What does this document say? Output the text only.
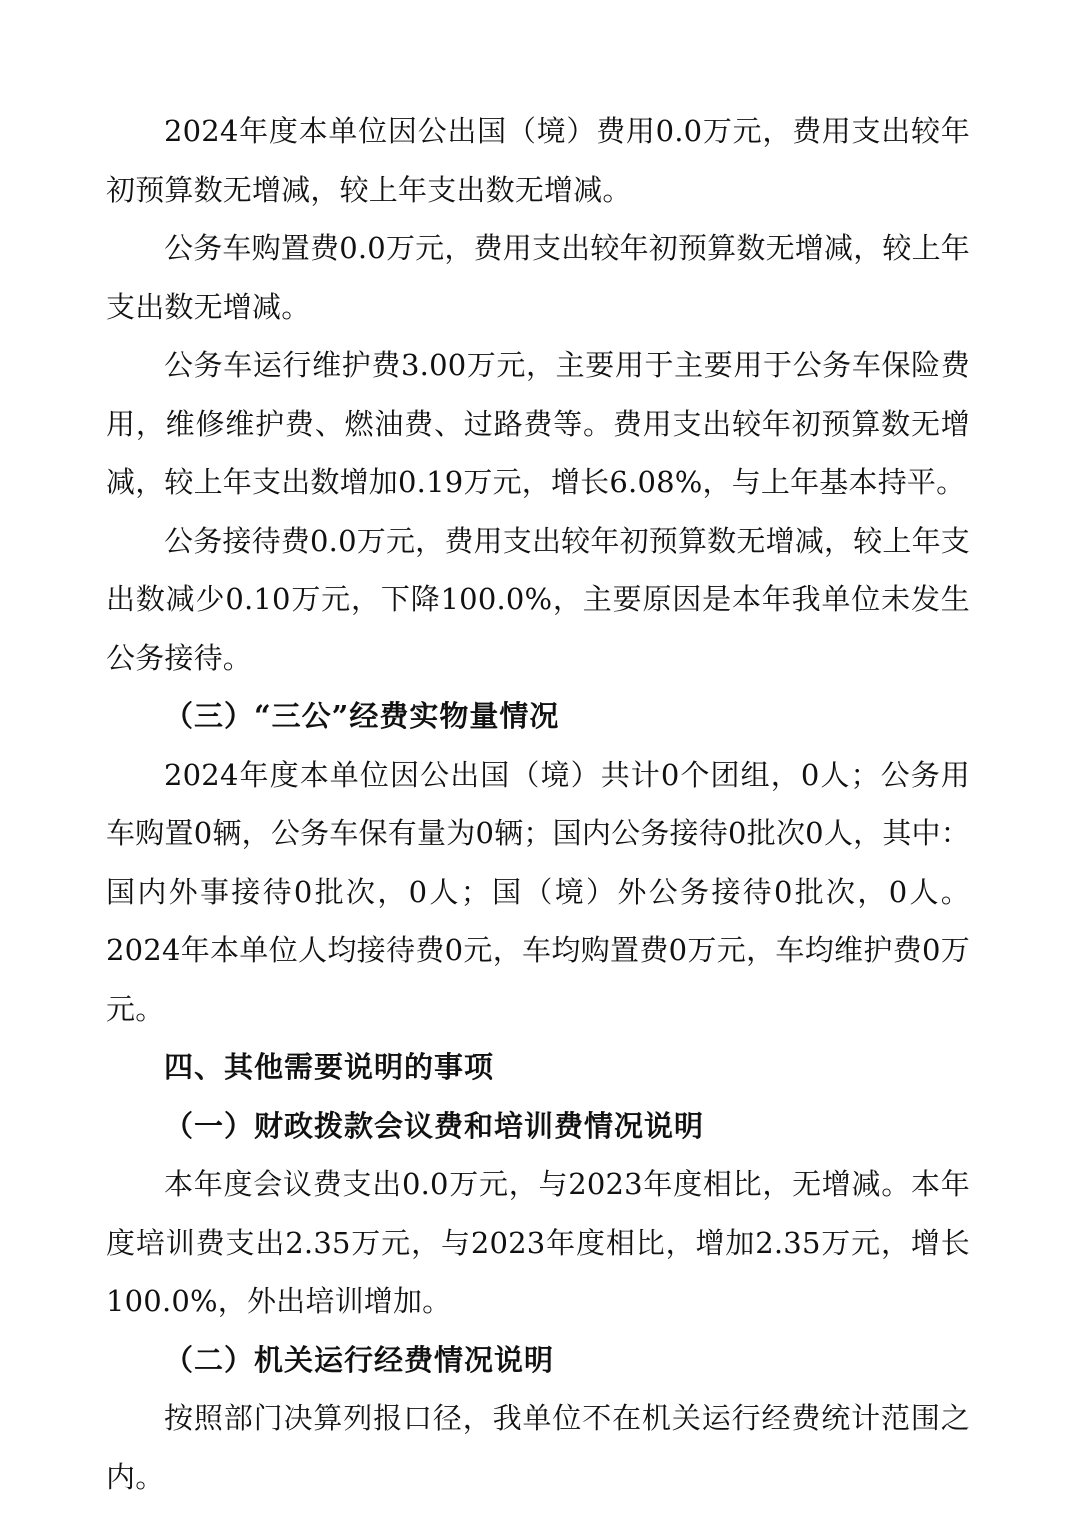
2024年度本单位因公出国（境）费用0.0万元，费用支出较年初预算数无增减，较上年支出数无增减。

公务车购置费0.0万元，费用支出较年初预算数无增减，较上年支出数无增减。

公务车运行维护费3.00万元，主要用于主要用于公务车保险费用，维修维护费、燃油费、过路费等。费用支出较年初预算数无增减，较上年支出数增加0.19万元，增长6.08%，与上年基本持平。

公务接待费0.0万元，费用支出较年初预算数无增减，较上年支出数减少0.10万元，下降100.0%，主要原因是本年我单位未发生公务接待。

（三）“三公”经费实物量情况

2024年度本单位因公出国（境）共计0个团组，0人；公务用车购置0辆，公务车保有量为0辆；国内公务接待0批次0人，其中：国内外事接待0批次，0人；国（境）外公务接待0批次，0人。2024年本单位人均接待费0元，车均购置费0万元，车均维护费0万元。

四、其他需要说明的事项

（一）财政拨款会议费和培训费情况说明

本年度会议费支出0.0万元，与2023年度相比，无增减。本年度培训费支出2.35万元，与2023年度相比，增加2.35万元，增长100.0%，外出培训增加。

（二）机关运行经费情况说明

按照部门决算列报口径，我单位不在机关运行经费统计范围之内。
